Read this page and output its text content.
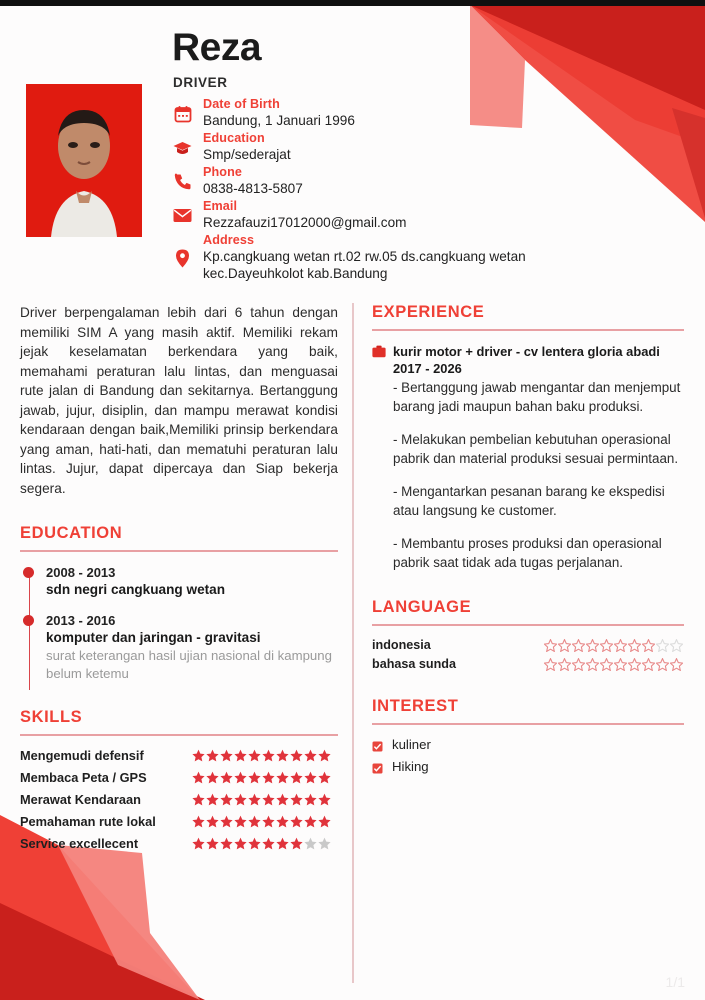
Reza
DRIVER
Date of Birth
Bandung, 1 Januari 1996
Education
Smp/sederajat
Phone
0838-4813-5807
Email
Rezzafauzi17012000@gmail.com
Address
Kp.cangkuang wetan rt.02 rw.05 ds.cangkuang wetan kec.Dayeuhkolot kab.Bandung
Driver berpengalaman lebih dari 6 tahun dengan memiliki SIM A yang masih aktif. Memiliki rekam jejak keselamatan berkendara yang baik, memahami peraturan lalu lintas, dan menguasai rute jalan di Bandung dan sekitarnya. Bertanggung jawab, jujur, disiplin, dan mampu merawat kondisi kendaraan dengan baik,Memiliki prinsip berkendara yang aman, hati-hati, dan mematuhi peraturan lalu lintas. Jujur, dapat dipercaya dan Siap bekerja segera.
EDUCATION
2008 - 2013
sdn negri cangkuang wetan
2013 - 2016
komputer dan jaringan - gravitasi
surat keterangan hasil ujian nasional di kampung belum ketemu
SKILLS
Mengemudi defensif
Membaca Peta / GPS
Merawat Kendaraan
Pemahaman rute lokal
Service excellecent
EXPERIENCE
kurir motor + driver - cv lentera gloria abadi
2017 - 2026
- Bertanggung jawab mengantar dan menjemput barang jadi maupun bahan baku produksi.
- Melakukan pembelian kebutuhan operasional pabrik dan material produksi sesuai permintaan.
- Mengantarkan pesanan barang ke ekspedisi atau langsung ke customer.
- Membantu proses produksi dan operasional pabrik saat tidak ada tugas perjalanan.
LANGUAGE
indonesia
bahasa sunda
INTEREST
kuliner
Hiking
1/1
